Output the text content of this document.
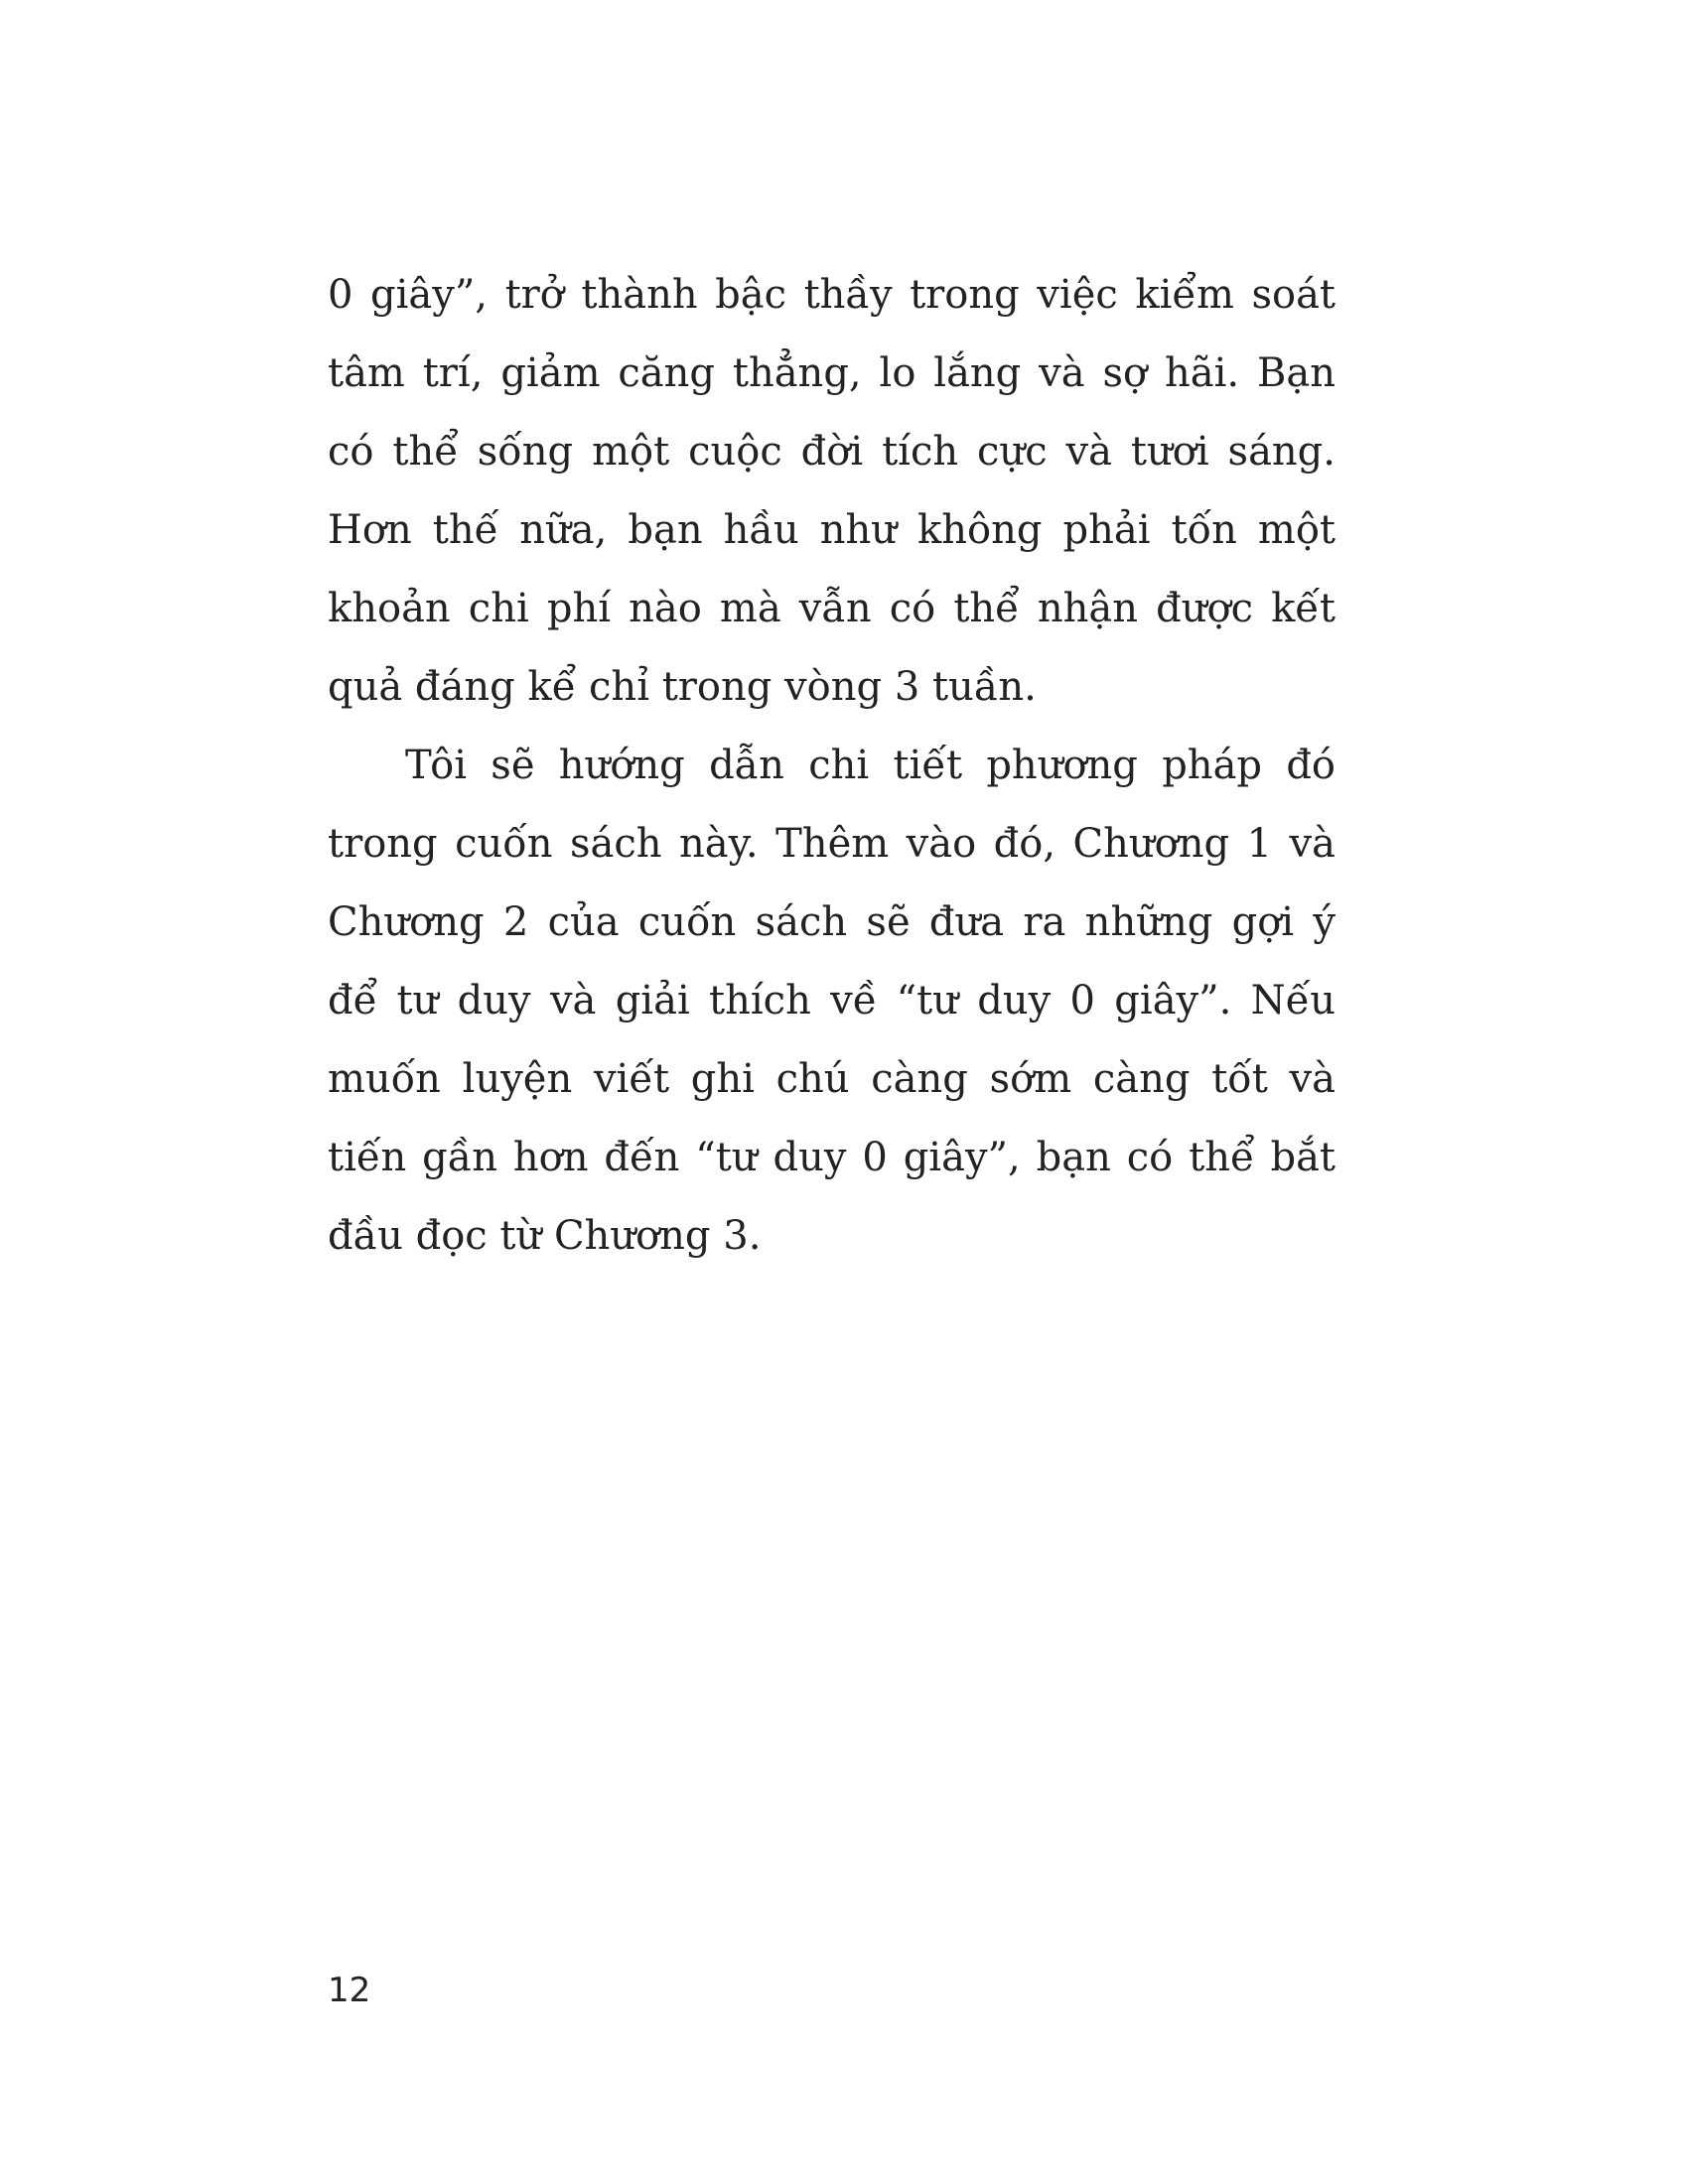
0 giây”, trở thành bậc thầy trong việc kiểm soát
tâm trí, giảm căng thẳng, lo lắng và sợ hãi. Bạn
có thể sống một cuộc đời tích cực và tươi sáng.
Hơn thế nữa, bạn hầu như không phải tốn một
khoản chi phí nào mà vẫn có thể nhận được kết
quả đáng kể chỉ trong vòng 3 tuần.
Tôi sẽ hướng dẫn chi tiết phương pháp đó
trong cuốn sách này. Thêm vào đó, Chương 1 và
Chương 2 của cuốn sách sẽ đưa ra những gợi ý
để tư duy và giải thích về “tư duy 0 giây”. Nếu
muốn luyện viết ghi chú càng sớm càng tốt và
tiến gần hơn đến “tư duy 0 giây”, bạn có thể bắt
đầu đọc từ Chương 3.
12
